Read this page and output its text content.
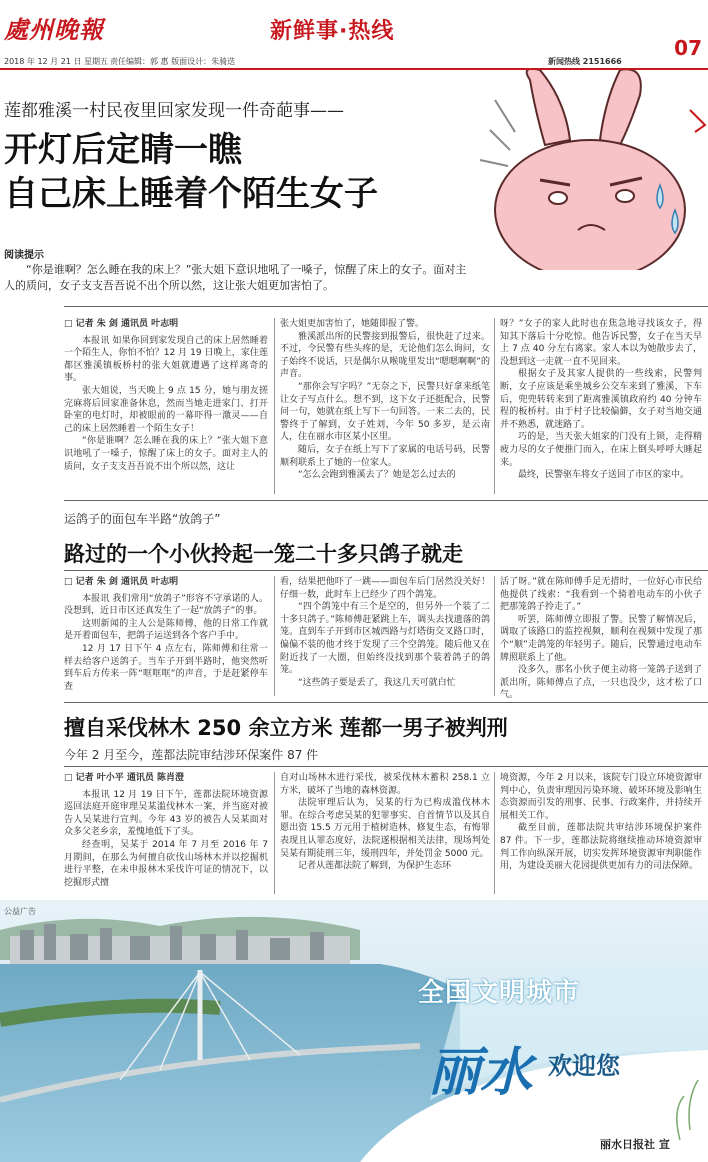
處州晚報	新鲜事·热线
07
2018 年 12 月 21 日 星期五 责任编辑：郭 惠 版面设计：朱骑迭	新闻热线 2151666
莲都雅溪一村民夜里回家发现一件奇葩事——
开灯后定睛一瞧
自己床上睡着个陌生女子
阅读提示
“你是谁啊？怎么睡在我的床上？”张大姐下意识地吼了一嗓子，惊醒了床上的女子。面对主人的质问，女子支支吾吾说不出个所以然，这让张大姐更加害怕了。
□ 记者 朱 剑 通讯员 叶志明

本报讯 如果你回到家发现自己的床上居然睡着一个陌生人，你怕不怕？12 月 19 日晚上，家住莲都区雅溪镇板桥村的张大姐就遭遇了这样离奇的事。

张大姐说，当天晚上 9 点 15 分，她与朋友搓完麻将后回家准备休息，然而当她走进家门、打开卧室的电灯时，却被眼前的一幕吓得一激灵——自己的床上居然睡着一个陌生女子！

“你是谁啊？怎么睡在我的床上？”张大姐下意识地吼了一嗓子，惊醒了床上的女子。面对主人的质问，女子支支吾吾说不出个所以然，这让

张大姐更加害怕了，她随即报了警。

雅溪派出所的民警接到报警后，很快赶了过来。不过，令民警有些头疼的是，无论他们怎么询问，女子始终不说话，只是偶尔从喉咙里发出“嗯嗯啊啊”的声音。

“那你会写字吗？”无奈之下，民警只好拿来纸笔让女子写点什么。想不到，这下女子还挺配合，民警问一句，她就在纸上写下一句回答。一来二去的，民警终于了解到，女子姓刘，今年 50 多岁，是云南人，住在丽水市区某小区里。

随后，女子在纸上写下了家属的电话号码，民警顺利联系上了她的一位家人。

“怎么会跑到雅溪去了？她是怎么过去的

呀？”女子的家人此时也在焦急地寻找该女子，得知其下落后十分吃惊。他告诉民警，女子在当天早上 7 点 40 分左右离家。家人本以为她散步去了，没想到这一走就一直不见回来。

根据女子及其家人提供的一些线索，民警判断，女子应该是乘坐城乡公交车来到了雅溪，下车后，兜兜转转来到了距离雅溪镇政府约 40 分钟车程的板桥村。由于村子比较偏僻，女子对当地交通并不熟悉，就迷路了。

巧的是，当天张大姐家的门没有上锁，走得精疲力尽的女子便推门而入，在床上倒头呼呼大睡起来。

最终，民警驱车将女子送回了市区的家中。

运鸽子的面包车半路“放鸽子”
路过的一个小伙拎起一笼二十多只鸽子就走
□ 记者 朱 剑 通讯员 叶志明

本报讯 我们常用“放鸽子”形容不守承诺的人。没想到，近日市区还真发生了一起“放鸽子”的事。

这则新闻的主人公是陈师傅，他的日常工作就是开着面包车，把鸽子运送到各个客户手中。

12 月 17 日下午 4 点左右，陈师傅和往常一样去给客户送鸽子。当车子开到半路时，他突然听到车后方传来一阵“哐哐哐”的声音，于是赶紧停车查

看，结果把他吓了一跳——面包车后门居然没关好！仔细一数，此时车上已经少了四个鸽笼。

“四个鸽笼中有三个是空的，但另外一个装了二十多只鸽子。”陈师傅赶紧跳上车，调头去找遗落的鸽笼。直到车子开到市区城西路与灯塔街交叉路口时，偏偏不装的他才终于发现了三个空鸽笼。随后他又在附近找了一大圈，但始终没找到那个装着鸽子的鸽笼。

“这些鸽子要是丢了，我这几天可就白忙

活了呀。”就在陈师傅手足无措时，一位好心市民给他提供了线索：“我看到一个骑着电动车的小伙子把那笼鸽子拎走了。”

听罢，陈师傅立即报了警。民警了解情况后，调取了该路口的监控视频，顺利在视频中发现了那个“顺”走鸽笼的年轻男子。随后，民警通过电动车牌照联系上了他。

没多久，那名小伙子便主动将一笼鸽子送到了派出所，陈师傅点了点，一只也没少，这才松了口气。

擅自采伐林木 250 余立方米 莲都一男子被判刑
今年 2 月至今，莲都法院审结涉环保案件 87 件
□ 记者 叶小平 通讯员 陈肖澄

本报讯 12 月 19 日下午，莲都法院环境资源巡回法庭开庭审理吴某滥伐林木一案，并当庭对被告人吴某进行宣判。今年 43 岁的被告人吴某面对众多父老乡亲，羞愧地低下了头。

经查明，吴某于 2014 年 7 月至 2016 年 7 月期间，在那么为何擅自砍伐山场林木并以挖掘机进行平整，在未申报林木采伐许可证的情况下，以挖掘形式擅

自对山场林木进行采伐，被采伐林木蓄积 258.1 立方米，破坏了当地的森林资源。

法院审理后认为，吴某的行为已构成滥伐林木罪。在综合考虑吴某的犯罪事实、自首情节以及其自愿出资 15.5 万元用于植树造林、修复生态，有悔罪表现且认罪态度好，法院遂根据相关法律，现场判处吴某有期徒刑三年，缓刑四年，并处罚金 5000 元。

记者从莲都法院了解到，为保护生态环

境资源，今年 2 月以来，该院专门设立环境资源审判中心，负责审理因污染环境、破坏环境及影响生态资源而引发的刑事、民事、行政案件，并持续开展相关工作。

截至目前，莲都法院共审结涉环境保护案件 87 件。下一步，莲都法院将继续推动环境资源审判工作向纵深开展，切实发挥环境资源审判职能作用，为建设美丽大花园提供更加有力的司法保障。

公益广告
全国文明城市
丽水 欢迎您
丽水日报社 宣
